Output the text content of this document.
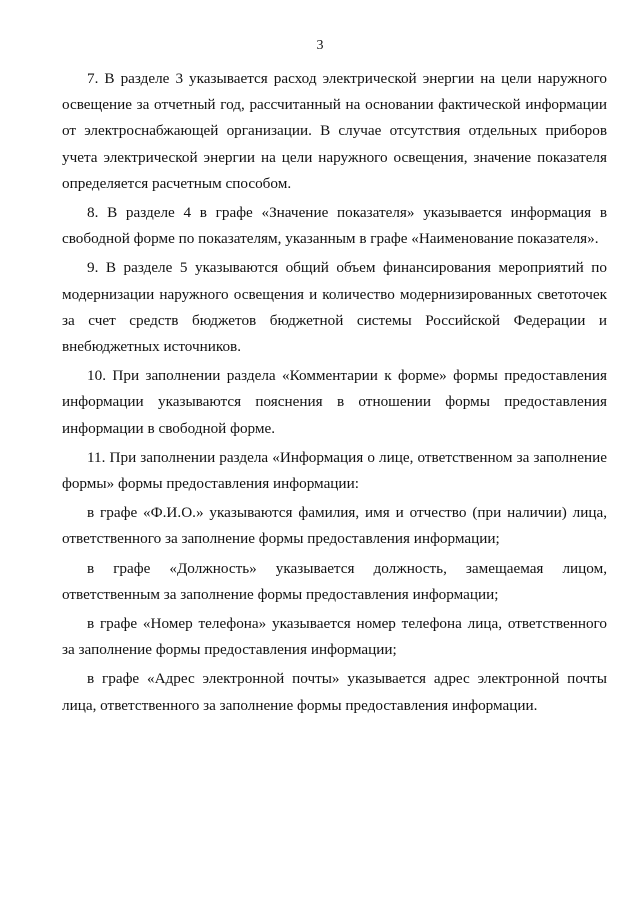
3

7. В разделе 3 указывается расход электрической энергии на цели наружного освещение за отчетный год, рассчитанный на основании фактической информации от электроснабжающей организации. В случае отсутствия отдельных приборов учета электрической энергии на цели наружного освещения, значение показателя определяется расчетным способом.

8. В разделе 4 в графе «Значение показателя» указывается информация в свободной форме по показателям, указанным в графе «Наименование показателя».

9. В разделе 5 указываются общий объем финансирования мероприятий по модернизации наружного освещения и количество модернизированных светоточек за счет средств бюджетов бюджетной системы Российской Федерации и внебюджетных источников.

10. При заполнении раздела «Комментарии к форме» формы предоставления информации указываются пояснения в отношении формы предоставления информации в свободной форме.

11. При заполнении раздела «Информация о лице, ответственном за заполнение формы» формы предоставления информации:

в графе «Ф.И.О.» указываются фамилия, имя и отчество (при наличии) лица, ответственного за заполнение формы предоставления информации;

в графе «Должность» указывается должность, замещаемая лицом, ответственным за заполнение формы предоставления информации;

в графе «Номер телефона» указывается номер телефона лица, ответственного за заполнение формы предоставления информации;

в графе «Адрес электронной почты» указывается адрес электронной почты лица, ответственного за заполнение формы предоставления информации.
